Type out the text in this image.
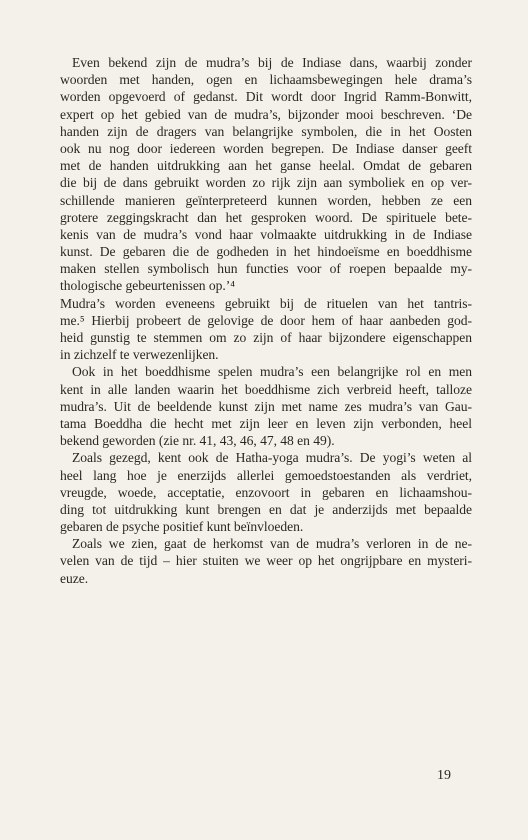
Even bekend zijn de mudra’s bij de Indiase dans, waarbij zonder
woorden met handen, ogen en lichaamsbewegingen hele drama’s
worden opgevoerd of gedanst. Dit wordt door Ingrid Ramm-Bonwitt,
expert op het gebied van de mudra’s, bijzonder mooi beschreven. ‘De
handen zijn de dragers van belangrijke symbolen, die in het Oosten
ook nu nog door iedereen worden begrepen. De Indiase danser geeft
met de handen uitdrukking aan het ganse heelal. Omdat de gebaren
die bij de dans gebruikt worden zo rijk zijn aan symboliek en op ver-
schillende manieren geïnterpreteerd kunnen worden, hebben ze een
grotere zeggingskracht dan het gesproken woord. De spirituele bete-
kenis van de mudra’s vond haar volmaakte uitdrukking in de Indiase
kunst. De gebaren die de godheden in het hindoeïsme en boeddhisme
maken stellen symbolisch hun functies voor of roepen bepaalde my-
thologische gebeurtenissen op.’⁴
Mudra’s worden eveneens gebruikt bij de rituelen van het tantris-
me.⁵ Hierbij probeert de gelovige de door hem of haar aanbeden god-
heid gunstig te stemmen om zo zijn of haar bijzondere eigenschappen
in zichzelf te verwezenlijken.
Ook in het boeddhisme spelen mudra’s een belangrijke rol en men
kent in alle landen waarin het boeddhisme zich verbreid heeft, talloze
mudra’s. Uit de beeldende kunst zijn met name zes mudra’s van Gau-
tama Boeddha die hecht met zijn leer en leven zijn verbonden, heel
bekend geworden (zie nr. 41, 43, 46, 47, 48 en 49).
Zoals gezegd, kent ook de Hatha-yoga mudra’s. De yogi’s weten al
heel lang hoe je enerzijds allerlei gemoedstoestanden als verdriet,
vreugde, woede, acceptatie, enzovoort in gebaren en lichaamshou-
ding tot uitdrukking kunt brengen en dat je anderzijds met bepaalde
gebaren de psyche positief kunt beïnvloeden.
Zoals we zien, gaat de herkomst van de mudra’s verloren in de ne-
velen van de tijd – hier stuiten we weer op het ongrijpbare en mysteri-
euze.
19
